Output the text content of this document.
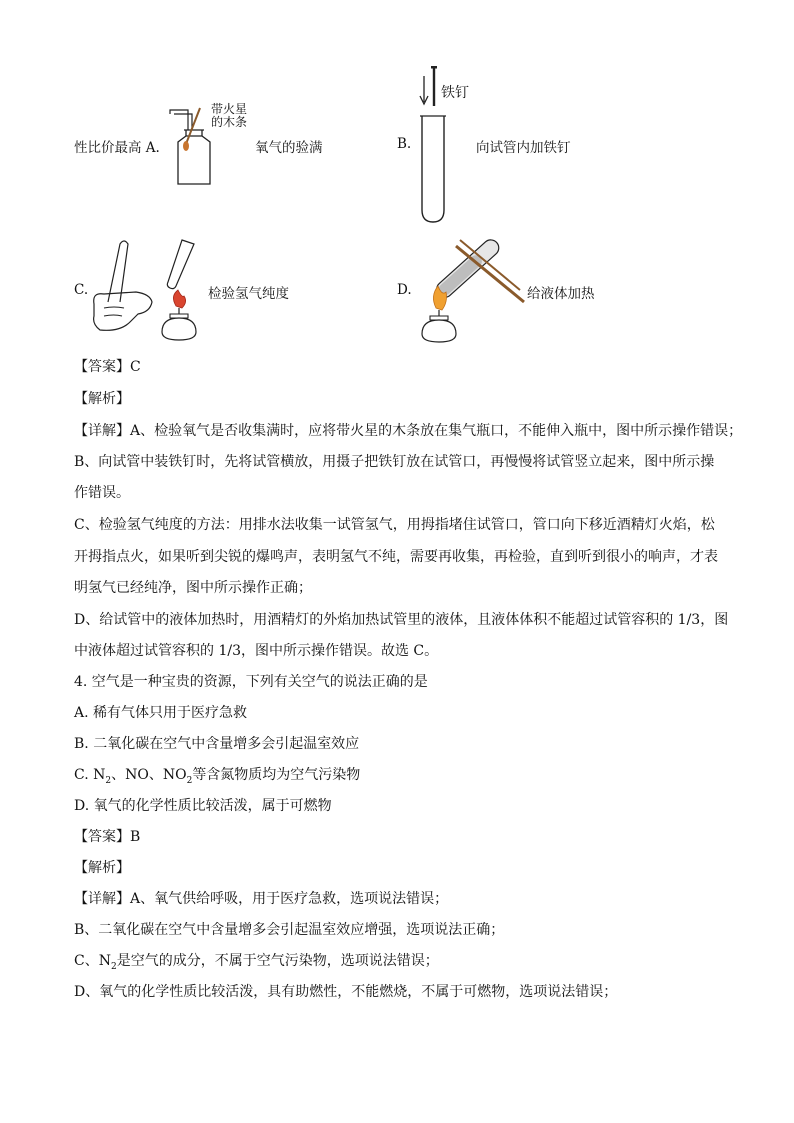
性比价最高 A.
带火星
的木条
氧气的验满	B.
铁钉
向试管内加铁钉
C.	检验氢气纯度	D.	给液体加热
【答案】C
【解析】
【详解】A、检验氧气是否收集满时，应将带火星的木条放在集气瓶口，不能伸入瓶中，图中所示操作错误；
B、向试管中装铁钉时，先将试管横放，用摄子把铁钉放在试管口，再慢慢将试管竖立起来，图中所示操
作错误。
C、检验氢气纯度的方法：用排水法收集一试管氢气，用拇指堵住试管口，管口向下移近酒精灯火焰，松
开拇指点火，如果听到尖锐的爆鸣声，表明氢气不纯，需要再收集，再检验，直到听到很小的响声，才表
明氢气已经纯净，图中所示操作正确；
D、给试管中的液体加热时，用酒精灯的外焰加热试管里的液体，且液体体积不能超过试管容积的 1/3，图
中液体超过试管容积的 1/3，图中所示操作错误。故选 C。
4. 空气是一种宝贵的资源，下列有关空气的说法正确的是
A. 稀有气体只用于医疗急救
B. 二氧化碳在空气中含量增多会引起温室效应
C. $N_2$、NO、$NO_2$等含氮物质均为空气污染物
D. 氧气的化学性质比较活泼，属于可燃物
【答案】B
【解析】
【详解】A、氧气供给呼吸，用于医疗急救，选项说法错误；
B、二氧化碳在空气中含量增多会引起温室效应增强，选项说法正确；
C、$N_2$是空气的成分，不属于空气污染物，选项说法错误；
D、氧气的化学性质比较活泼，具有助燃性，不能燃烧，不属于可燃物，选项说法错误；
